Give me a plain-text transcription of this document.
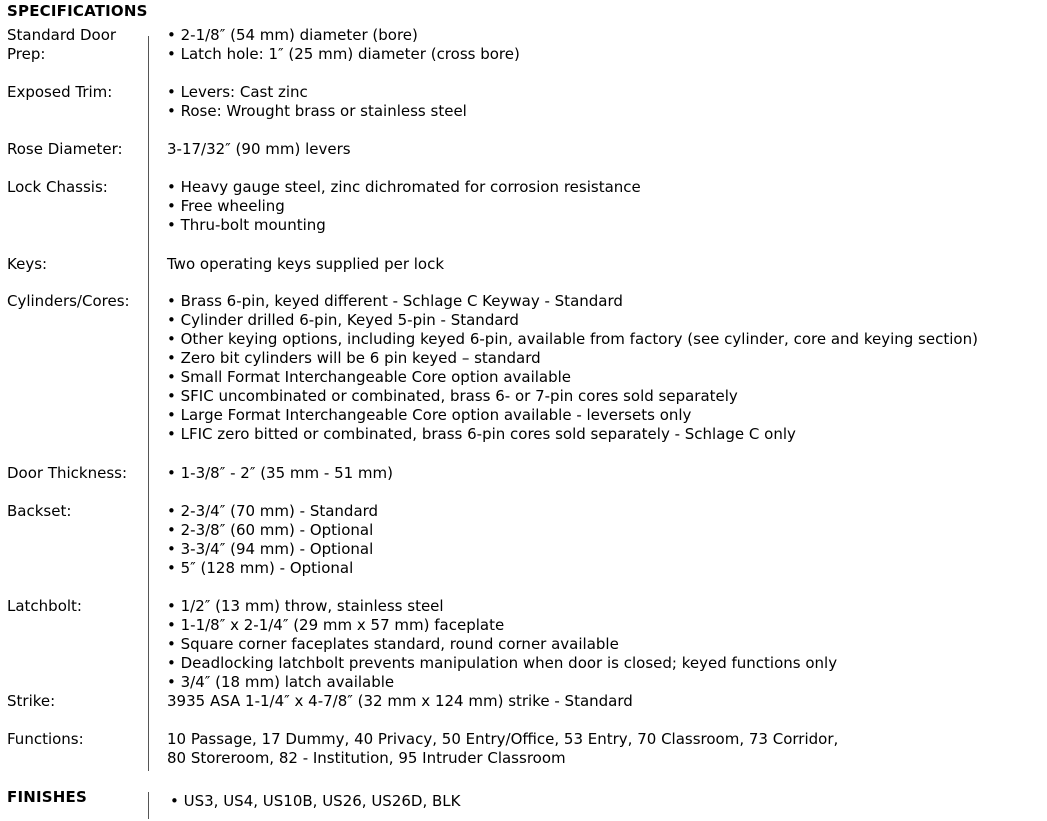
SPECIFICATIONS
Standard Door Prep:
• 2-1/8″ (54 mm) diameter (bore)
• Latch hole: 1″ (25 mm) diameter (cross bore)
Exposed Trim:	• Levers: Cast zinc
• Rose: Wrought brass or stainless steel
Rose Diameter:	3-17/32″ (90 mm) levers
Lock Chassis:	• Heavy gauge steel, zinc dichromated for corrosion resistance
• Free wheeling
• Thru-bolt mounting
Keys:	Two operating keys supplied per lock
Cylinders/Cores:	• Brass 6-pin, keyed different - Schlage C Keyway - Standard
• Cylinder drilled 6-pin, Keyed 5-pin - Standard
• Other keying options, including keyed 6-pin, available from factory (see cylinder, core and keying section)
• Zero bit cylinders will be 6 pin keyed – standard
• Small Format Interchangeable Core option available
• SFIC uncombinated or combinated, brass 6- or 7-pin cores sold separately
• Large Format Interchangeable Core option available - leversets only
• LFIC zero bitted or combinated, brass 6-pin cores sold separately - Schlage C only
Door Thickness:	• 1-3/8″ - 2″ (35 mm - 51 mm)
Backset:	• 2-3/4″ (70 mm) - Standard
• 2-3/8″ (60 mm) - Optional
• 3-3/4″ (94 mm) - Optional
• 5″ (128 mm) - Optional
Latchbolt:	• 1/2″ (13 mm) throw, stainless steel
• 1-1/8″ x 2-1/4″ (29 mm x 57 mm) faceplate
• Square corner faceplates standard, round corner available
• Deadlocking latchbolt prevents manipulation when door is closed; keyed functions only
• 3/4″ (18 mm) latch available
Strike:	3935 ASA 1-1/4″ x 4-7/8″ (32 mm x 124 mm) strike - Standard
Functions:	10 Passage, 17 Dummy, 40 Privacy, 50 Entry/Office, 53 Entry, 70 Classroom, 73 Corridor,
80 Storeroom, 82 - Institution, 95 Intruder Classroom
FINISHES	• US3, US4, US10B, US26, US26D, BLK
